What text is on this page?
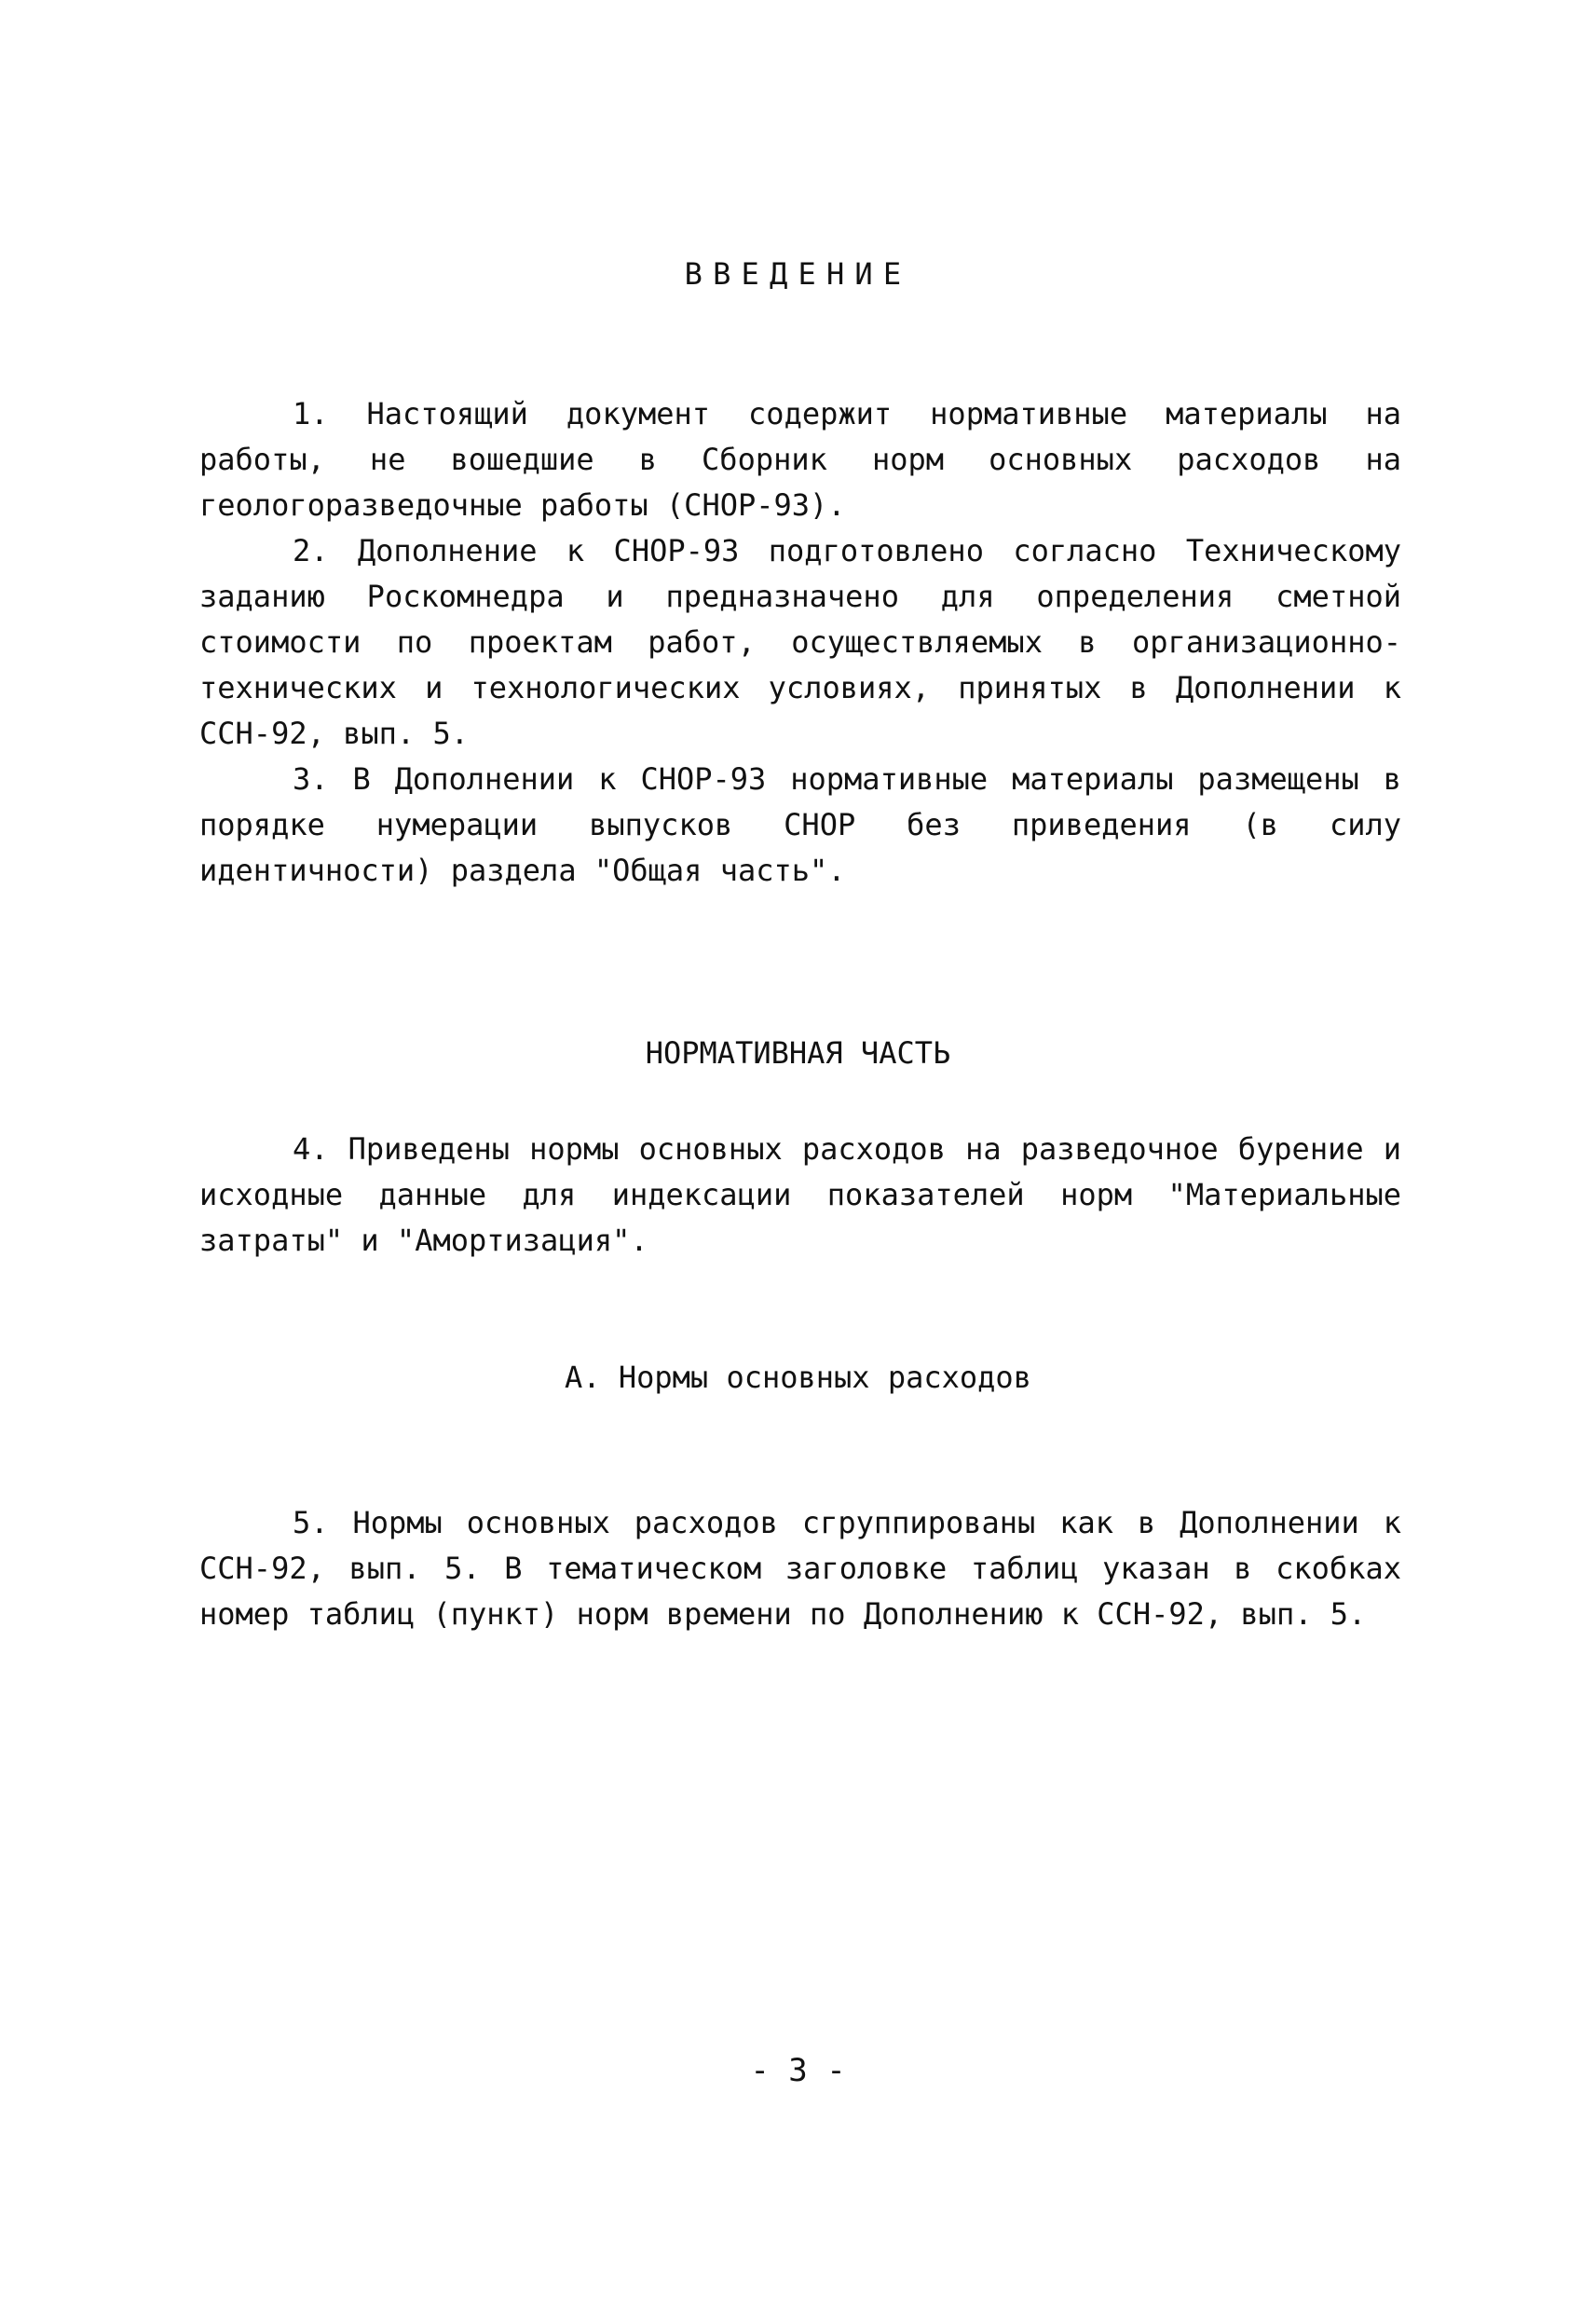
ВВЕДЕНИЕ
1. Настоящий документ содержит нормативные материалы на работы, не вошедшие в Сборник норм основных расходов на геологоразведочные работы (СНОР-93).
2. Дополнение к СНОР-93 подготовлено согласно Техническому заданию Роскомнедра и предназначено для определения сметной стоимости по проектам работ, осуществляемых в организационно-технических и технологических условиях, принятых в Дополнении к ССН-92, вып. 5.
3. В Дополнении к СНОР-93 нормативные материалы размещены в порядке нумерации выпусков СНОР без приведения (в силу идентичности) раздела "Общая часть".
НОРМАТИВНАЯ ЧАСТЬ
4. Приведены нормы основных расходов на разведочное бурение и исходные данные для индексации показателей норм "Материальные затраты" и "Амортизация".
А. Нормы основных расходов
5. Нормы основных расходов сгруппированы как в Дополнении к ССН-92, вып. 5. В тематическом заголовке таблиц указан в скобках номер таблиц (пункт) норм времени по Дополнению к ССН-92, вып. 5.
- 3 -
